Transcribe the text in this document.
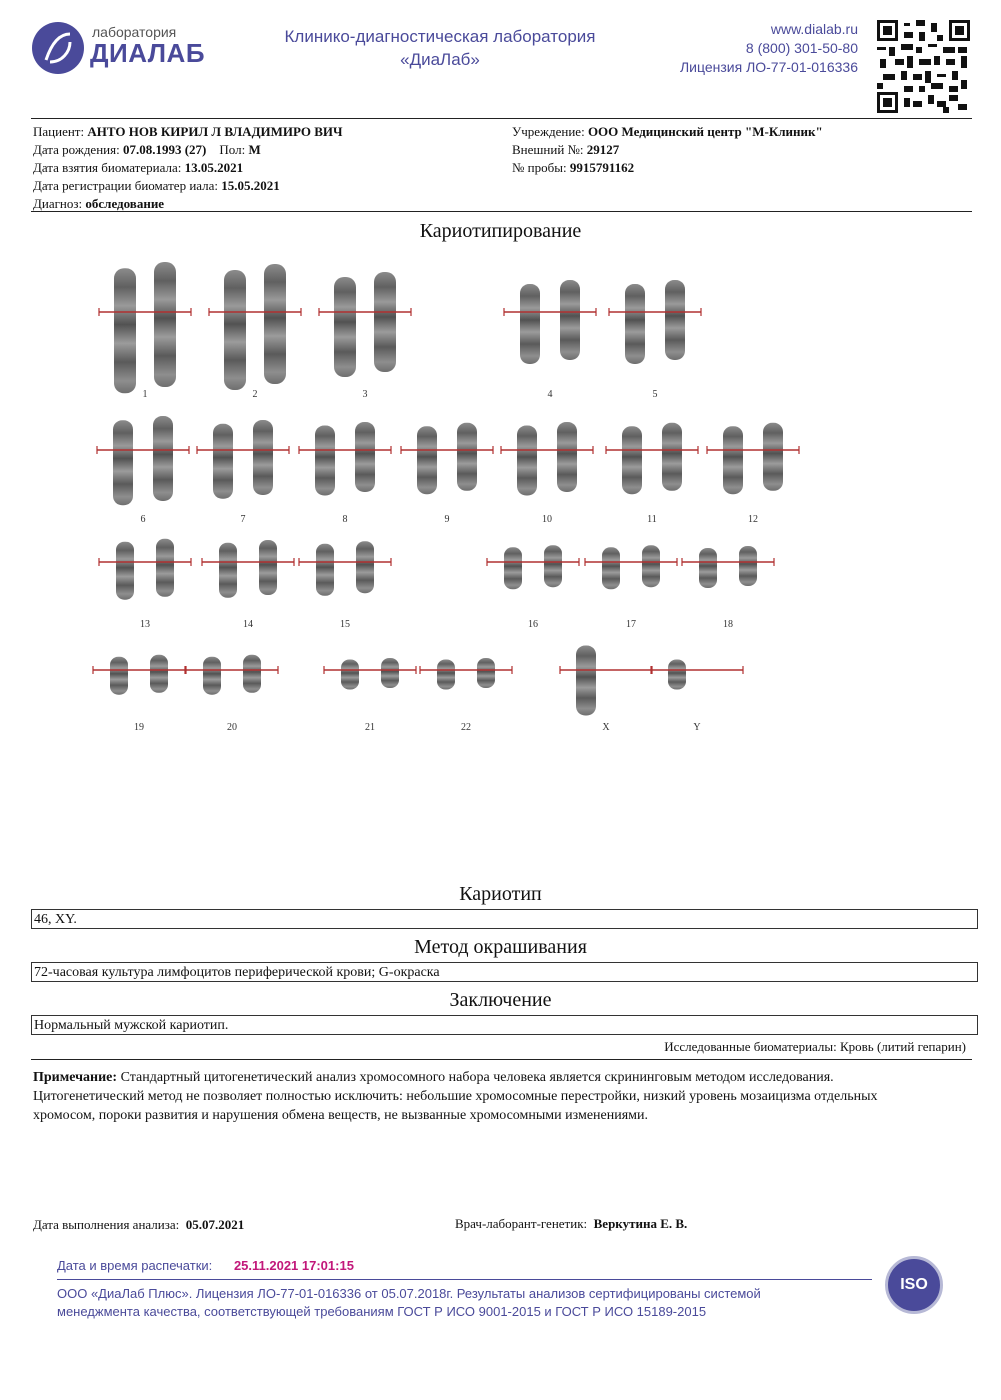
лаборатория
ДИАЛАБ
Клинико-диагностическая лаборатория
«ДиаЛаб»
www.dialab.ru
8 (800) 301-50-80
Лицензия ЛО-77-01-016336
Пациент: АНТО НОВ КИРИЛ Л ВЛАДИМИРО ВИЧ
Дата рождения: 07.08.1993 (27) Пол: М
Дата взятия биоматериала: 13.05.2021
Дата регистрации биоматер иала: 15.05.2021
Диагноз: обследование
Учреждение: ООО Медицинский центр "М-Клиник"
Внешний №: 29127
№ пробы: 9915791162
Кариотипирование
1	2	3	4	5
6	7	8	9	10	11	12
13	14	15	16	17	18
19	20	21	22	X	Y
Кариотип
46, XY.
Метод окрашивания
72-часовая культура лимфоцитов периферической крови; G-окраска
Заключение
Нормальный мужской кариотип.
Исследованные биоматериалы: Кровь (литий гепарин)
Примечание: Стандартный цитогенетический анализ хромосомного набора человека является скрининговым методом исследования. Цитогенетический метод не позволяет полностью исключить: небольшие хромосомные перестройки, низкий уровень мозаицизма отдельных хромосом, пороки развития и нарушения обмена веществ, не вызванные хромосомными изменениями.
Дата выполнения анализа: 05.07.2021	Врач-лаборант-генетик: Веркутина Е. В.
Дата и время распечатки: 25.11.2021 17:01:15
ООО «ДиаЛаб Плюс». Лицензия ЛО-77-01-016336 от 05.07.2018г. Результаты анализов сертифицированы системой
менеджмента качества, соответствующей требованиям ГОСТ Р ИСО 9001-2015 и ГОСТ Р ИСО 15189-2015
ISO
